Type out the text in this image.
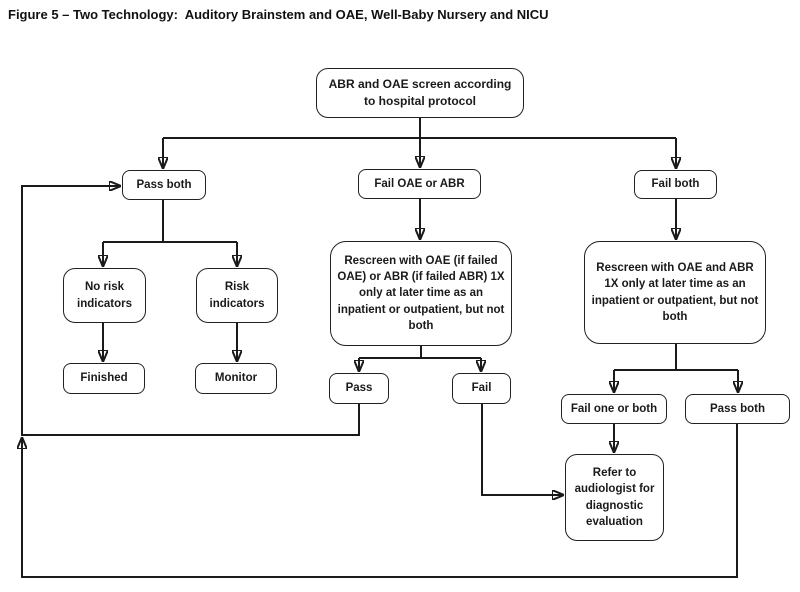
Figure 5 – Two Technology:  Auditory Brainstem and OAE, Well-Baby Nursery and NICU
ABR and OAE screen according to hospital protocol
Pass both	Fail OAE or ABR	Fail both
No risk indicators
Risk indicators
Rescreen with OAE (if failed OAE) or ABR (if failed ABR) 1X only at later time as an inpatient or outpatient, but not both
Rescreen with OAE and ABR 1X only at later time as an inpatient or outpatient, but not both
Finished	Monitor
Pass	Fail
Fail one or both	Pass both
Refer to audiologist for diagnostic evaluation
